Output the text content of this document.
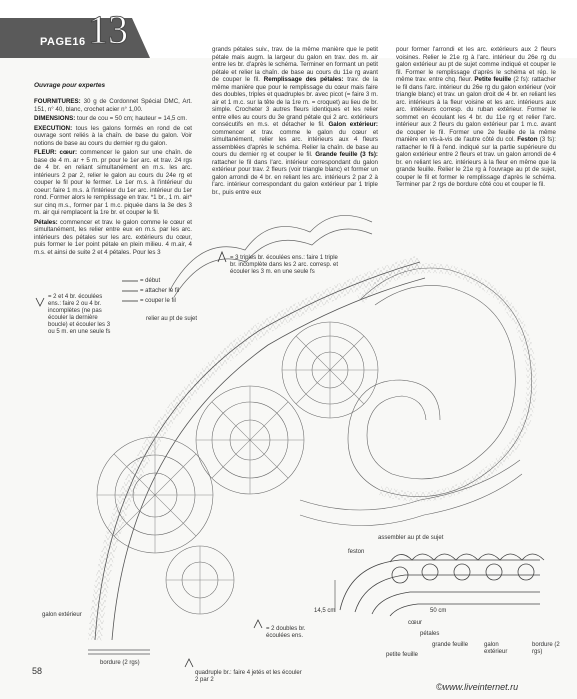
PAGE16 13
Ouvrage pour expertes

FOURNITURES: 30 g de Cordonnet Spécial DMC, Art. 151, n° 40, blanc, crochet acier n° 1,00.

DIMENSIONS: tour de cou = 50 cm; hauteur = 14,5 cm.

EXECUTION: tous les galons formés en rond de cet ouvrage sont reliés à la chaîn. de base du galon. Voir notions de base au cours du dernier rg du galon.

FLEUR: cœur: commencer le galon sur une chaîn. de base de 4 m. ar + 5 m. pr pour le 1er arc. et trav. 24 rgs de 4 br. en reliant simultanément en m.s. les arc. intérieurs 2 par 2, relier le galon au cours du 24e rg et couper le fil pour le fermer. Le 1er m.s. à l'intérieur du coeur: faire 1 m.s. à l'intérieur du 1er arc. intérieur du 1er rond. Former alors le remplissage en trav. *1 br., 1 m. air* sur cinq m.s., former par 1 m.c. piquée dans la 3e des 3 m. air qui remplacent la 1re br. et couper le fil.

Pétales: commencer et trav. le galon comme le cœur et simultanément, les relier entre eux en m.s. par les arc. intérieurs des pétales sur les arc. extérieurs du cœur, puis former le 1er point pétale en plein milieu. 4 m.air, 4 m.s. et ainsi de suite 2 et 4 pétales. Pour les 3

grands pétales suiv., trav. de la même manière que le petit pétale mais augm. la largeur du galon en trav. des m. air entre les br. d'après le schéma. Terminer en formant un petit pétale et relier la chaîn. de base au cours du 11e rg avant de couper le fil. Remplissage des pétales: trav. de la même manière que pour le remplissage du cœur mais faire des doubles, triples et quadruples br. avec picot (= faire 3 m. air et 1 m.c. sur la tête de la 1re m. = croquet) au lieu de br. simple. Crocheter 3 autres fleurs identiques et les relier entre elles au cours du 3e grand pétale qui 2 arc. extérieurs consécutifs en m.s. et détacher le fil. Galon extérieur: commencer et trav. comme le galon du cœur et simultanément, relier les arc. intérieurs aux 4 fleurs assemblées d'après le schéma. Relier la chaîn. de base au cours du dernier rg et couper le fil. Grande feuille (3 fs): rattacher le fil dans l'arc. intérieur correspondant du galon extérieur pour trav. 2 fleurs (voir triangle blanc) et former un galon arrondi de 4 br. en reliant les arc. intérieurs 2 par 2 à l'arc. intérieur correspondant du galon extérieur par 1 triple br., puis entre eux

pour former l'arrondi et les arc. extérieurs aux 2 fleurs voisines. Relier le 21e rg à l'arc. intérieur du 26e rg du galon extérieur au pt de sujet comme indiqué et couper le fil. Former le remplissage d'après le schéma et rép. le même trav. entre chq. fleur. Petite feuille (2 fs): rattacher le fil dans l'arc. intérieur du 26e rg du galon extérieur (voir triangle blanc) et trav. un galon droit de 4 br. en reliant les arc. intérieurs à la fleur voisine et les arc. intérieurs aux arc. intérieurs corresp. du ruban extérieur. Former le sommet en écoulant les 4 br. du 11e rg et relier l'arc. intérieur aux 2 fleurs du galon extérieur par 1 m.c. avant de couper le fil. Former une 2e feuille de la même manière en vis-à-vis de l'autre côté du col. Feston (3 fs): rattacher le fil à l'end. indiqué sur la partie supérieure du galon extérieur entre 2 fleurs et trav. un galon arrondi de 4 br. en reliant les arc. intérieurs à la fleur en même que la grande feuille. Relier le 21e rg à l'ouvrage au pt de sujet, couper le fil et former le remplissage d'après le schéma. Terminer par 2 rgs de bordure côté cou et couper le fil.

= début
= attacher le fil
= couper le fil
relier au pt de sujet
= 2 et 4 br. écoulées ens.: faire 2 ou 4 br. incomplètes (ne pas écouler la dernière boucle) et écouler les 3 ou 5 m. en une seule fs
galon extérieur
= 3 triples br. écoulées ens.: faire 1 triple br. incomplète dans les 2 arc. corresp. et écouler les 3 m. en une seule fs
= 2 doubles br. écoulées ens.
quadruple br.: faire 4 jetés et les écouler 2 par 2
bordure (2 rgs)
assembler au pt de sujet
feston
14,5 cm	50 cm
cœur
pétales
grande feuille
petite feuille
galon extérieur
bordure (2 rgs)
58
©www.liveinternet.ru
